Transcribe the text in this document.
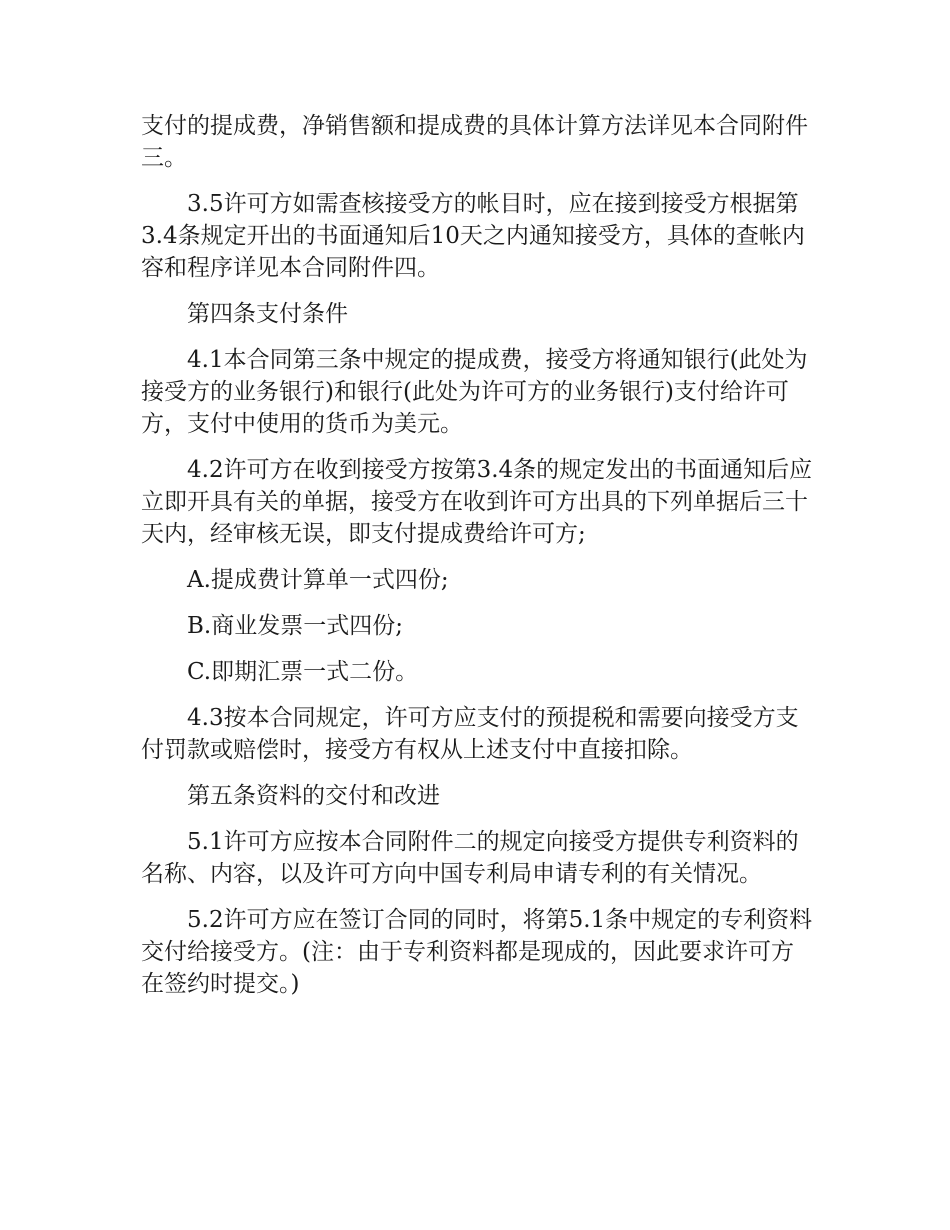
支付的提成费，净销售额和提成费的具体计算方法详见本合同附件三。

3.5许可方如需查核接受方的帐目时，应在接到接受方根据第3.4条规定开出的书面通知后10天之内通知接受方，具体的查帐内容和程序详见本合同附件四。

第四条支付条件

4.1本合同第三条中规定的提成费，接受方将通知银行(此处为接受方的业务银行)和银行(此处为许可方的业务银行)支付给许可方，支付中使用的货币为美元。

4.2许可方在收到接受方按第3.4条的规定发出的书面通知后应立即开具有关的单据，接受方在收到许可方出具的下列单据后三十天内，经审核无误，即支付提成费给许可方;

A.提成费计算单一式四份;

B.商业发票一式四份;

C.即期汇票一式二份。

4.3按本合同规定，许可方应支付的预提税和需要向接受方支付罚款或赔偿时，接受方有权从上述支付中直接扣除。

第五条资料的交付和改进

5.1许可方应按本合同附件二的规定向接受方提供专利资料的名称、内容，以及许可方向中国专利局申请专利的有关情况。

5.2许可方应在签订合同的同时，将第5.1条中规定的专利资料交付给接受方。(注：由于专利资料都是现成的，因此要求许可方在签约时提交。)
